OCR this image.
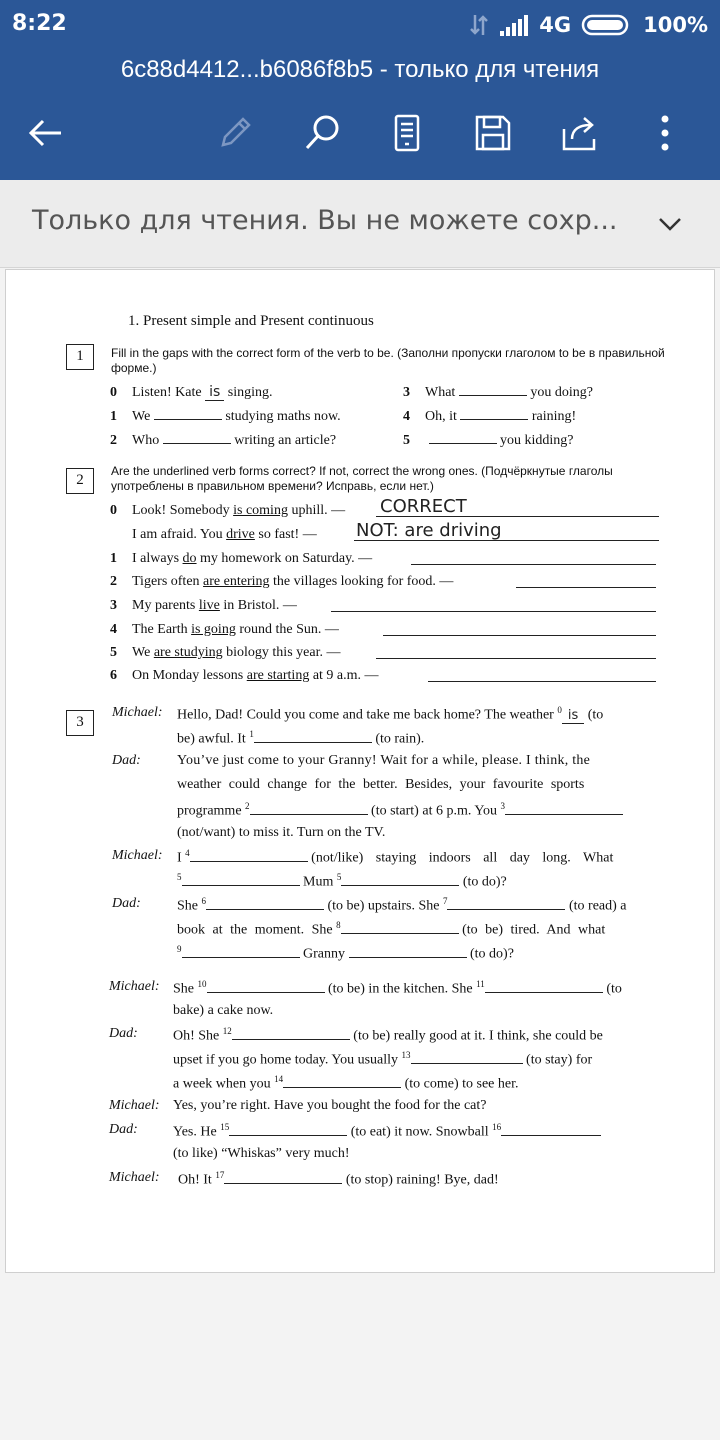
8:22	4G	100%
6c88d4412...b6086f8b5 - только для чтения
Только для чтения. Вы не можете сохр...
1. Present simple and Present continuous
1	Fill in the gaps with the correct form of the verb to be. (Заполни пропуски глаголом to be в правильной форме.)
0 Listen! Kate is singing.
1 We	studying maths now.
2 Who	writing an article?
3 What	you doing?
4 Oh, it	raining!
5	you kidding?
2
Are the underlined verb forms correct? If not, correct the wrong ones. (Подчёркнутые глаголы употреблены в правильном времени? Исправь, если нет.)
0 Look! Somebody is coming uphill. — CORRECT
I am afraid. You drive so fast! — NOT: are driving
1 I always do my homework on Saturday. —
2 Tigers often are entering the villages looking for food. —
3 My parents live in Bristol. —
4 The Earth is going round the Sun. —
5 We are studying biology this year. —
6 On Monday lessons are starting at 9 a.m. —
3
Michael: Hello, Dad! Could you come and take me back home? The weather $^0$ is (to
be) awful. It $^1$	(to rain).
Dad:	You’ve just come to your Granny! Wait for a while, please. I think, the
weather could change for the better. Besides, your favourite sports
programme $^2$	(to start) at 6 p.m. You $^3$
(not/want) to miss it. Turn on the TV.
Michael: I $^4$	(not/like) staying indoors all day long. What
$^5$	Mum $^5$	(to do)?
Dad:	She $^6$	(to be) upstairs. She $^7$	(to read) a
book at the moment. She $^8$	(to be) tired. And what
$^9$	Granny	(to do)?
Michael: She $^{10}$	(to be) in the kitchen. She $^{11}$	(to
bake) a cake now.
Dad:	Oh! She $^{12}$	(to be) really good at it. I think, she could be
upset if you go home today. You usually $^{13}$	(to stay) for
a week when you $^{14}$	(to come) to see her.
Michael: Yes, you’re right. Have you bought the food for the cat?
Dad:	Yes. He $^{15}$	(to eat) it now. Snowball $^{16}$
(to like) “Whiskas” very much!
Michael: Oh! It $^{17}$	(to stop) raining! Bye, dad!
